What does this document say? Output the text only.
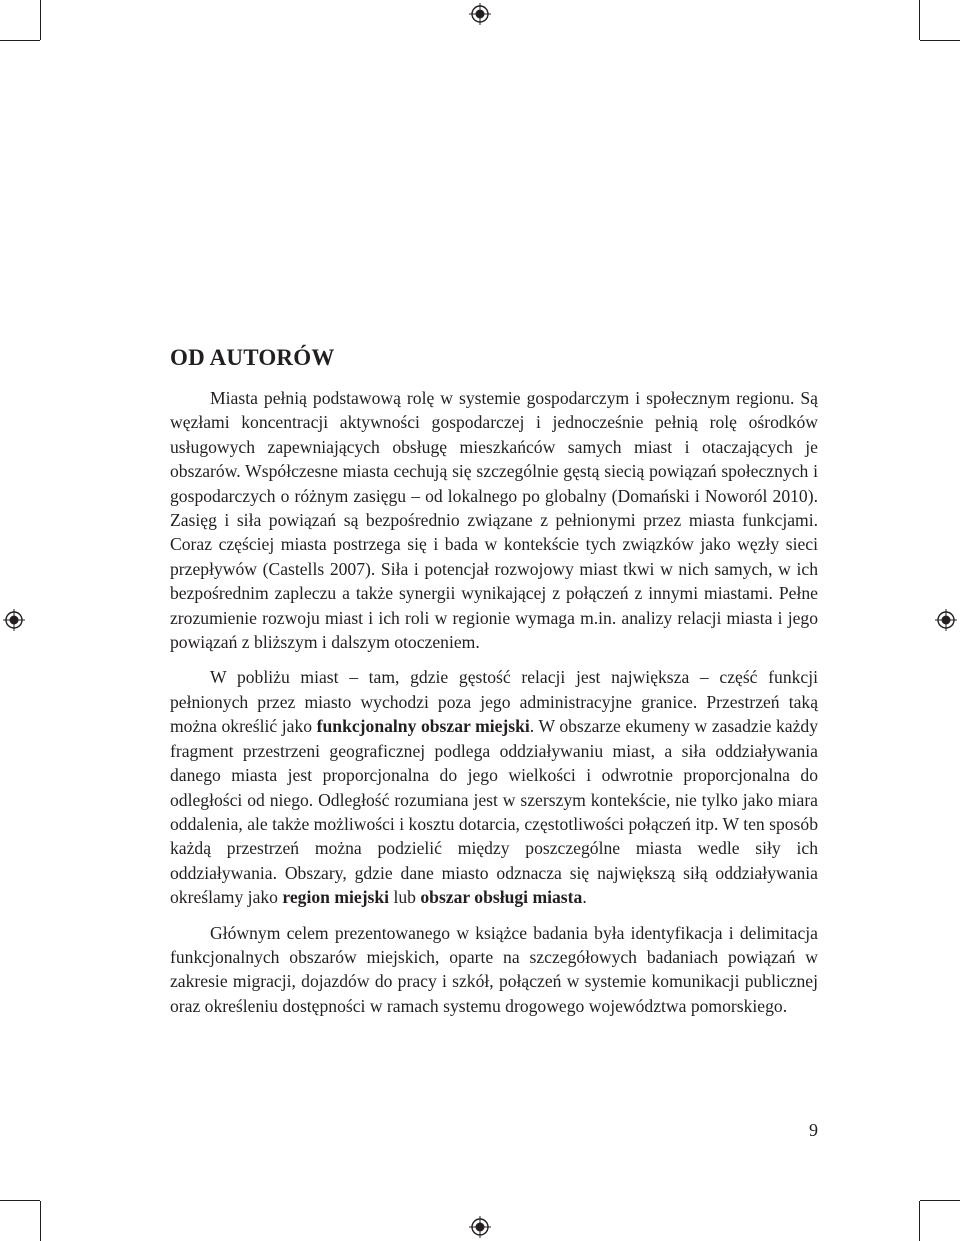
OD AUTORÓW

Miasta pełnią podstawową rolę w systemie gospodarczym i społecznym regionu. Są węzłami koncentracji aktywności gospodarczej i jednocześnie pełnią rolę ośrodków usługowych zapewniających obsługę mieszkańców samych miast i otaczających je obszarów. Współczesne miasta cechują się szczególnie gęstą siecią powiązań społecznych i gospodarczych o różnym zasięgu – od lokalnego po globalny (Domański i Noworól 2010). Zasięg i siła powiązań są bezpośrednio związane z pełnionymi przez miasta funkcjami. Coraz częściej miasta postrzega się i bada w kontekście tych związków jako węzły sieci przepływów (Castells 2007). Siła i potencjał rozwojowy miast tkwi w nich samych, w ich bezpośrednim zapleczu a także synergii wynikającej z połączeń z innymi miastami. Pełne zrozumienie rozwoju miast i ich roli w regionie wymaga m.in. analizy relacji miasta i jego powiązań z bliższym i dalszym otoczeniem.

W pobliżu miast – tam, gdzie gęstość relacji jest największa – część funkcji pełnionych przez miasto wychodzi poza jego administracyjne granice. Przestrzeń taką można określić jako funkcjonalny obszar miejski. W obszarze ekumeny w zasadzie każdy fragment przestrzeni geograficznej podlega oddziaływaniu miast, a siła oddziaływania danego miasta jest proporcjonalna do jego wielkości i odwrotnie proporcjonalna do odległości od niego. Odległość rozumiana jest w szerszym kontekście, nie tylko jako miara oddalenia, ale także możliwości i kosztu dotarcia, częstotliwości połączeń itp. W ten sposób każdą przestrzeń można podzielić między poszczególne miasta wedle siły ich oddziaływania. Obszary, gdzie dane miasto odznacza się największą siłą oddziaływania określamy jako region miejski lub obszar obsługi miasta.

Głównym celem prezentowanego w książce badania była identyfikacja i delimitacja funkcjonalnych obszarów miejskich, oparte na szczegółowych badaniach powiązań w zakresie migracji, dojazdów do pracy i szkół, połączeń w systemie komunikacji publicznej oraz określeniu dostępności w ramach systemu drogowego województwa pomorskiego.

9
